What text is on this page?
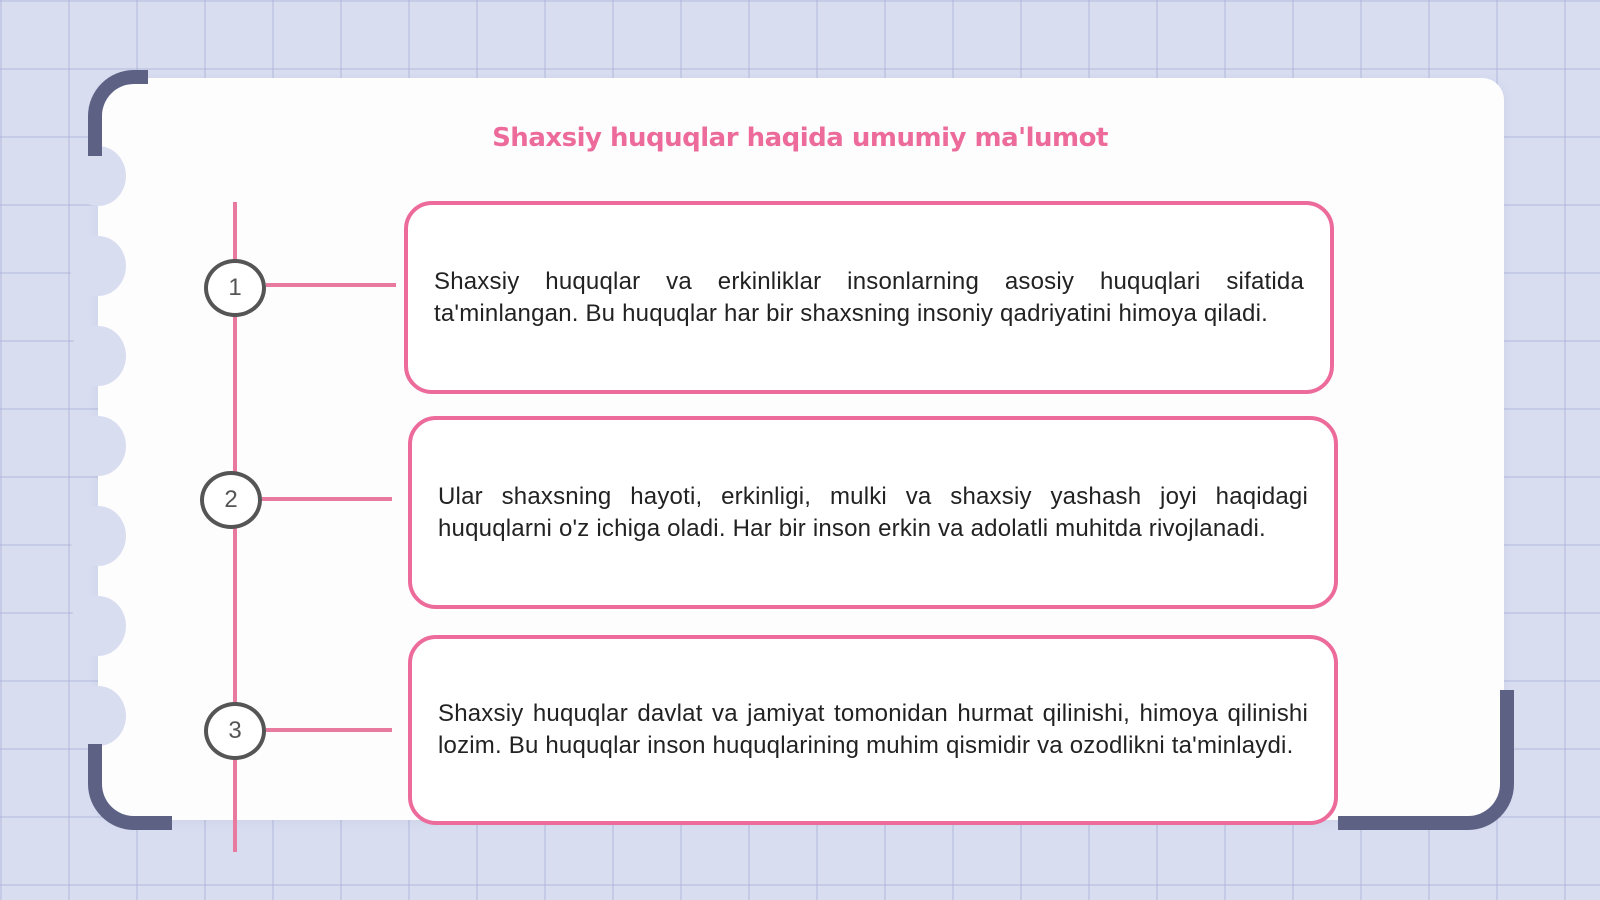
Shaxsiy huquqlar haqida umumiy ma'lumot
1	Shaxsiy huquqlar va erkinliklar insonlarning asosiy huquqlari sifatida ta'minlangan. Bu huquqlar har bir shaxsning insoniy qadriyatini himoya qiladi.

2	Ular shaxsning hayoti, erkinligi, mulki va shaxsiy yashash joyi haqidagi huquqlarni o'z ichiga oladi. Har bir inson erkin va adolatli muhitda rivojlanadi.

3

Shaxsiy huquqlar davlat va jamiyat tomonidan hurmat qilinishi, himoya qilinishi lozim. Bu huquqlar inson huquqlarining muhim qismidir va ozodlikni ta'minlaydi.
